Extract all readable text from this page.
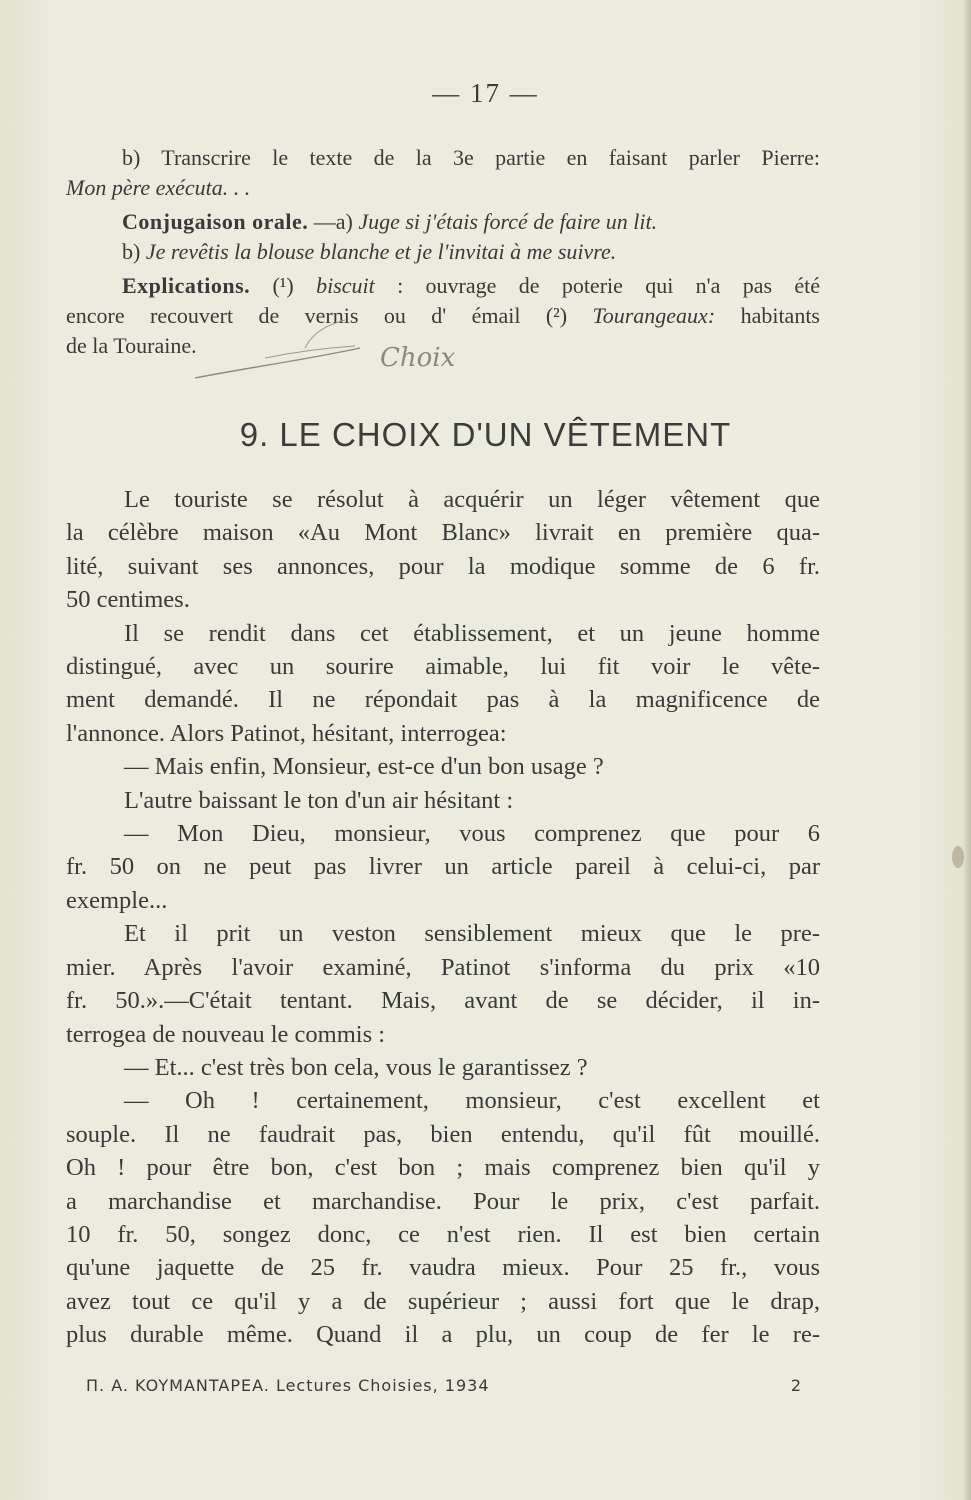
— 17 —
b) Transcrire le texte de la 3e partie en faisant parler Pierre:
Mon père exécuta. . .
Conjugaison orale. —a) Juge si j'étais forcé de faire un lit.
b) Je revêtis la blouse blanche et je l'invitai à me suivre.
Explications. (¹) biscuit : ouvrage de poterie qui n'a pas été
encore recouvert de vernis ou d' émail (²) Tourangeaux: habitants
de la Touraine.	Choix
9. LE CHOIX D'UN VÊTEMENT
Le touriste se résolut à acquérir un léger vêtement que
la célèbre maison «Au Mont Blanc» livrait en première qua-
lité, suivant ses annonces, pour la modique somme de 6 fr.
50 centimes.
Il se rendit dans cet établissement, et un jeune homme
distingué, avec un sourire aimable, lui fit voir le vête-
ment demandé. Il ne répondait pas à la magnificence de
l'annonce. Alors Patinot, hésitant, interrogea:
— Mais enfin, Monsieur, est-ce d'un bon usage ?
L'autre baissant le ton d'un air hésitant :
— Mon Dieu, monsieur, vous comprenez que pour 6
fr. 50 on ne peut pas livrer un article pareil à celui-ci, par
exemple...
Et il prit un veston sensiblement mieux que le pre-
mier. Après l'avoir examiné, Patinot s'informa du prix «10
fr. 50.».—C'était tentant. Mais, avant de se décider, il in-
terrogea de nouveau le commis :
— Et... c'est très bon cela, vous le garantissez ?
— Oh ! certainement, monsieur, c'est excellent et
souple. Il ne faudrait pas, bien entendu, qu'il fût mouillé.
Oh ! pour être bon, c'est bon ; mais comprenez bien qu'il y
a marchandise et marchandise. Pour le prix, c'est parfait.
10 fr. 50, songez donc, ce n'est rien. Il est bien certain
qu'une jaquette de 25 fr. vaudra mieux. Pour 25 fr., vous
avez tout ce qu'il y a de supérieur ; aussi fort que le drap,
plus durable même. Quand il a plu, un coup de fer le re-
Π. A. KOYMANTAPEA. Lectures Choisies, 1934	2
